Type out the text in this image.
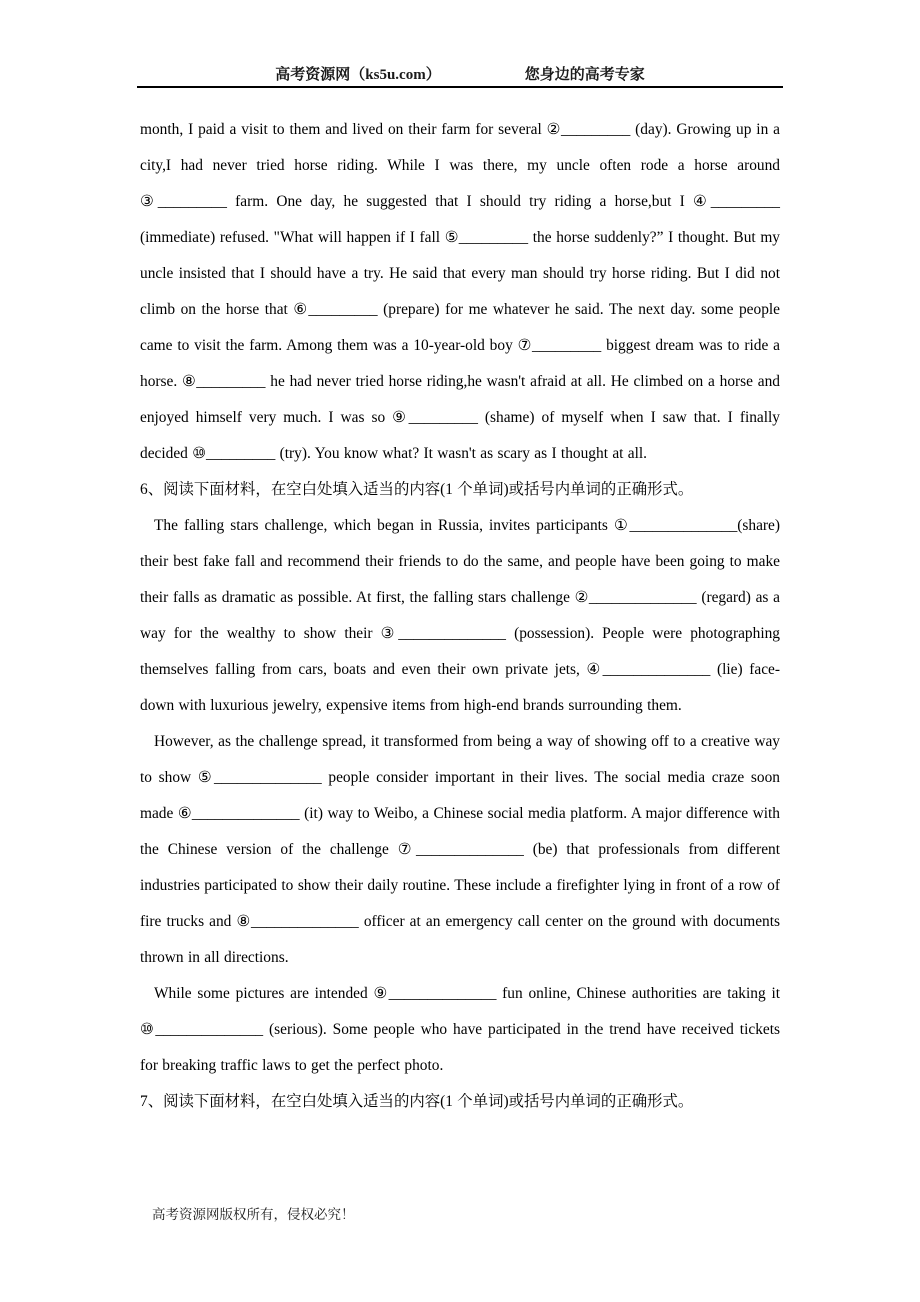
高考资源网（ks5u.com）	您身边的高考专家

month, I paid a visit to them and lived on their farm for several ②_________ (day). Growing up in a city,I had never tried horse riding. While I was there, my uncle often rode a horse around ③_________ farm. One day, he suggested that I should try riding a horse,but I ④_________ (immediate) refused. "What will happen if I fall ⑤_________ the horse suddenly?” I thought. But my uncle insisted that I should have a try. He said that every man should try horse riding. But I did not climb on the horse that ⑥_________ (prepare) for me whatever he said. The next day. some people came to visit the farm. Among them was a 10-year-old boy ⑦_________ biggest dream was to ride a horse. ⑧_________ he had never tried horse riding,he wasn't afraid at all. He climbed on a horse and enjoyed himself very much. I was so ⑨_________ (shame) of myself when I saw that. I finally decided ⑩_________ (try). You know what? It wasn't as scary as I thought at all.

6、阅读下面材料，在空白处填入适当的内容(1 个单词)或括号内单词的正确形式。

The falling stars challenge, which began in Russia, invites participants ①______________(share) their best fake fall and recommend their friends to do the same, and people have been going to make their falls as dramatic as possible. At first, the falling stars challenge ②______________ (regard) as a way for the wealthy to show their ③______________ (possession). People were photographing themselves falling from cars, boats and even their own private jets, ④______________ (lie) face-down with luxurious jewelry, expensive items from high-end brands surrounding them.

However, as the challenge spread, it transformed from being a way of showing off to a creative way to show ⑤______________ people consider important in their lives. The social media craze soon made ⑥______________ (it) way to Weibo, a Chinese social media platform. A major difference with the Chinese version of the challenge ⑦______________ (be) that professionals from different industries participated to show their daily routine. These include a firefighter lying in front of a row of fire trucks and ⑧______________ officer at an emergency call center on the ground with documents thrown in all directions.

While some pictures are intended ⑨______________ fun online, Chinese authorities are taking it ⑩______________ (serious). Some people who have participated in the trend have received tickets for breaking traffic laws to get the perfect photo.

7、阅读下面材料，在空白处填入适当的内容(1 个单词)或括号内单词的正确形式。

高考资源网版权所有，侵权必究！
